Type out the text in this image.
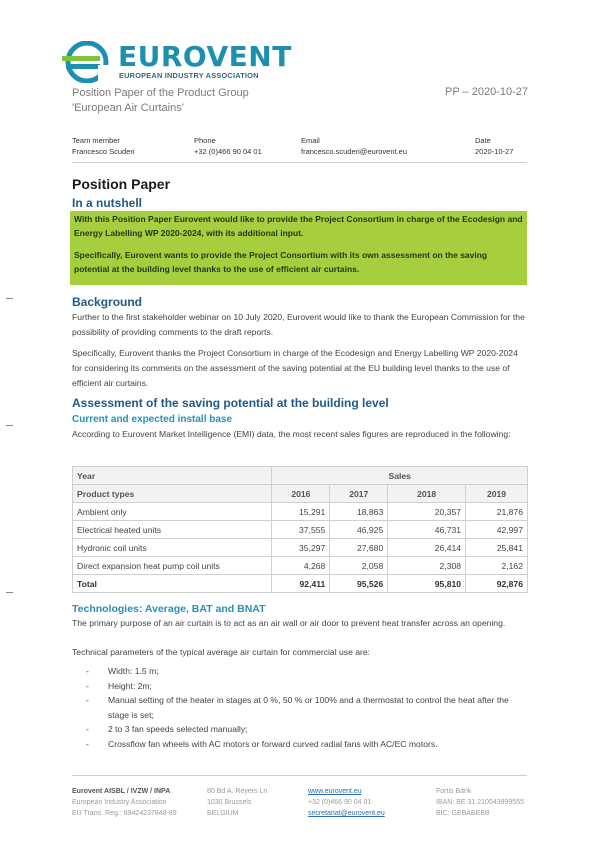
EUROVENT
EUROPEAN INDUSTRY ASSOCIATION
Position Paper of the Product Group
'European Air Curtains'
PP – 2020-10-27
Team member
Francesco Scuderi
Phone
+32 (0)466 90 04 01
Email
francesco.scuderi@eurovent.eu
Date
2020-10-27
Position Paper
In a nutshell

With this Position Paper Eurovent would like to provide the Project Consortium in charge of the Ecodesign and Energy Labelling WP 2020-2024, with its additional input.

Specifically, Eurovent wants to provide the Project Consortium with its own assessment on the saving potential at the building level thanks to the use of efficient air curtains.

Background
Further to the first stakeholder webinar on 10 July 2020, Eurovent would like to thank the European Commission for the possibility of providing comments to the draft reports.
Specifically, Eurovent thanks the Project Consortium in charge of the Ecodesign and Energy Labelling WP 2020-2024 for considering its comments on the assessment of the saving potential at the EU building level thanks to the use of efficient air curtains.
Assessment of the saving potential at the building level
Current and expected install base
According to Eurovent Market Intelligence (EMI) data, the most recent sales figures are reproduced in the following:
Year	Sales			
Product types	2016	2017	2018	2019
Ambient only	15,291	18,863	20,357	21,876
Electrical heated units	37,555	46,925	46,731	42,997
Hydronic coil units	35,297	27,680	26,414	25,841
Direct expansion heat pump coil units	4,268	2,058	2,308	2,162
Total	92,411	95,526	95,810	92,876
Technologies: Average, BAT and BNAT
The primary purpose of an air curtain is to act as an air wall or air door to prevent heat transfer across an opening.
Technical parameters of the typical average air curtain for commercial use are:
- Width: 1.5 m;
- Height: 2m;
- Manual setting of the heater in stages at 0 %, 50 % or 100% and a thermostat to control the heat after the stage is set;
- 2 to 3 fan speeds selected manually;
- Crossflow fan wheels with AC motors or forward curved radial fans with AC/EC motors.
Eurovent AISBL / IVZW / INPA
European Industry Association
EU Trans. Reg.: 89424237848-89
80 Bd A. Reyers Ln
1030 Brussels
BELGIUM
www.eurovent.eu
+32 (0)466 90 04 01
secretariat@eurovent.eu
Fortis Bank
IBAN: BE 31 210043999555
BIC: GEBABEBB
